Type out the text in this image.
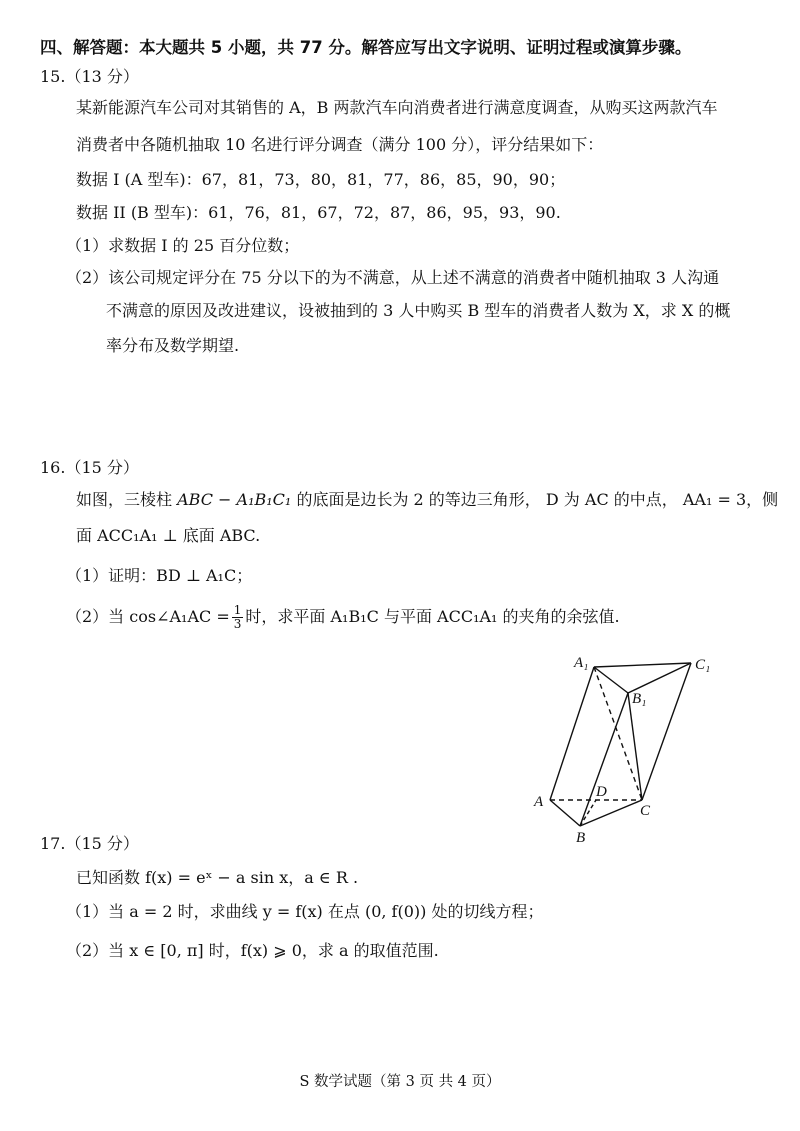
四、解答题：本大题共 5 小题，共 77 分。解答应写出文字说明、证明过程或演算步骤。
15.（13 分）
某新能源汽车公司对其销售的 A，B 两款汽车向消费者进行满意度调查，从购买这两款汽车
消费者中各随机抽取 10 名进行评分调查（满分 100 分），评分结果如下：
数据 I (A 型车)：67，81，73，80，81，77，86，85，90，90；
数据 II (B 型车)：61，76，81，67，72，87，86，95，93，90.
（1）求数据 I 的 25 百分位数；
（2）该公司规定评分在 75 分以下的为不满意，从上述不满意的消费者中随机抽取 3 人沟通
不满意的原因及改进建议，设被抽到的 3 人中购买 B 型车的消费者人数为 X，求 X 的概
率分布及数学期望.
16.（15 分）
如图，三棱柱 ABC − A₁B₁C₁ 的底面是边长为 2 的等边三角形， D 为 AC 的中点， AA₁ = 3，侧
面 ACC₁A₁ ⊥ 底面 ABC.
（1）证明：BD ⊥ A₁C；
（2）当 cos∠A₁AC = $\frac{1}{3}$ 时，求平面 A₁B₁C 与平面 ACC₁A₁ 的夹角的余弦值.
A₁	C₁
B₁
A
D
C
B
17.（15 分）
已知函数 f(x) = eˣ − a sin x，a ∈ R .
（1）当 a = 2 时，求曲线 y = f(x) 在点 (0, f(0)) 处的切线方程；
（2）当 x ∈ [0, π] 时，f(x) ⩾ 0，求 a 的取值范围.
S 数学试题（第 3 页 共 4 页）
